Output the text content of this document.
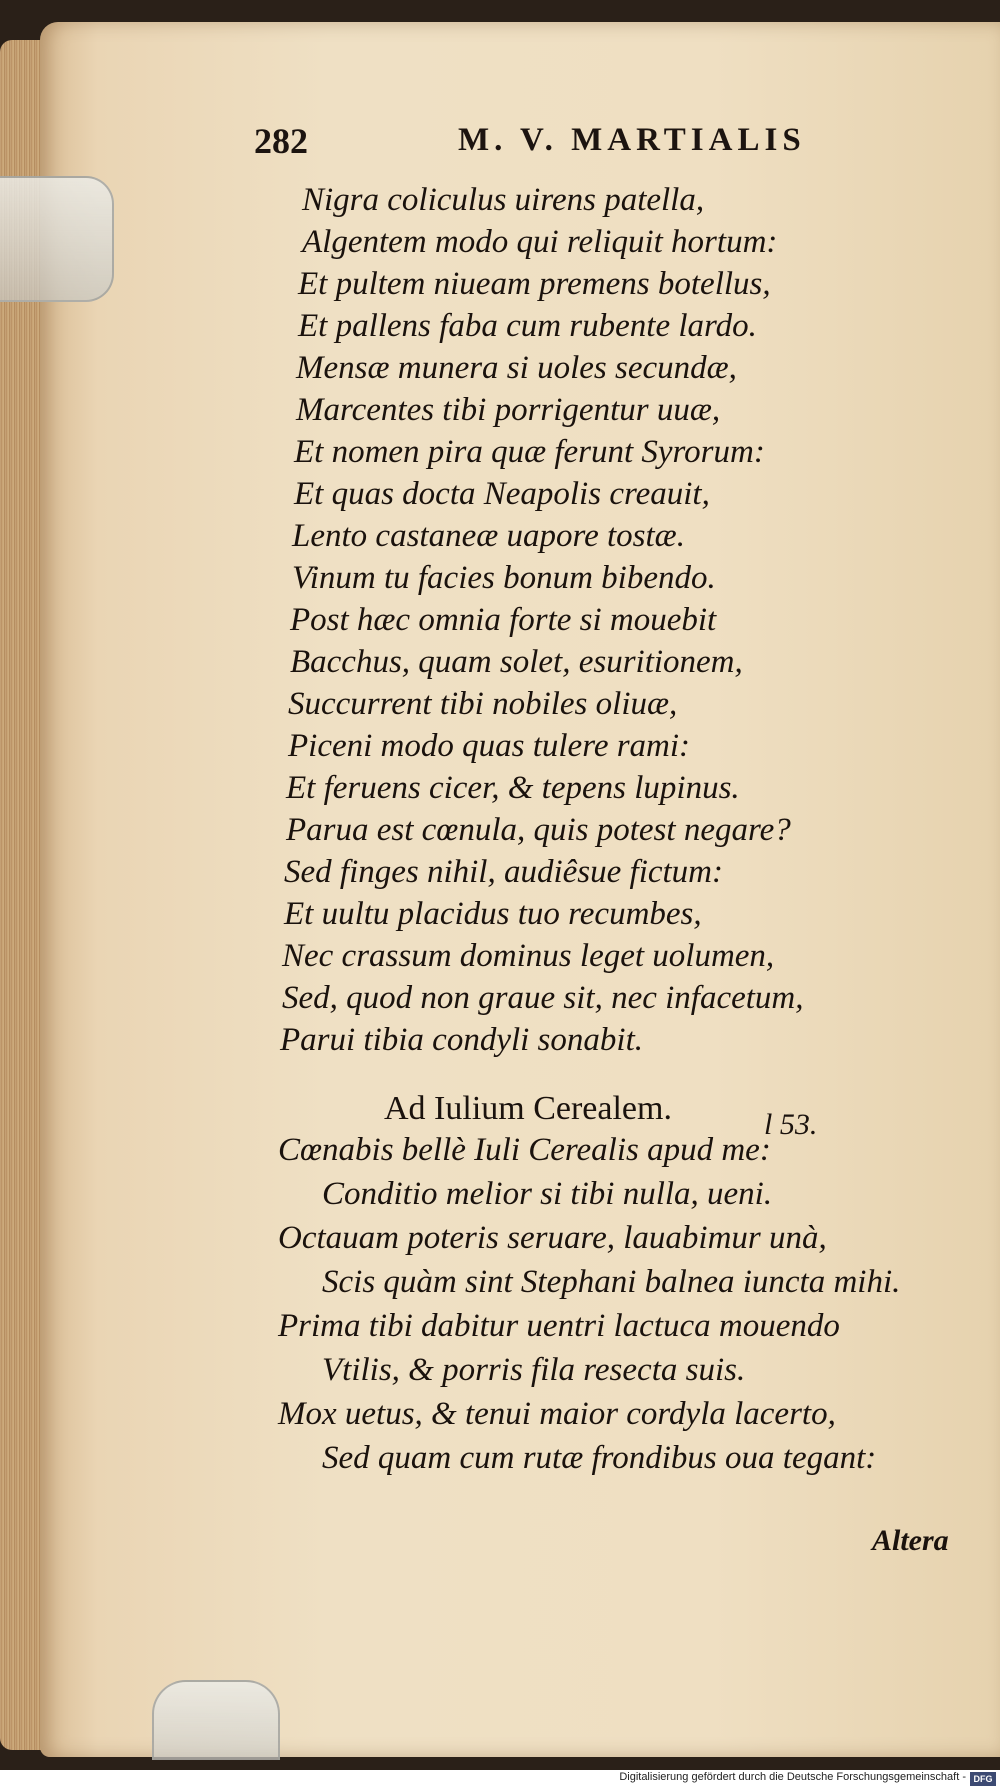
282	M. V. MARTIALIS
Nigra coliculus uirens patella,
Algentem modo qui reliquit hortum:
Et pultem niueam premens botellus,
Et pallens faba cum rubente lardo.
Mensæ munera si uoles secundæ,
Marcentes tibi porrigentur uuæ,
Et nomen pira quæ ferunt Syrorum:
Et quas docta Neapolis creauit,
Lento castaneæ uapore tostæ.
Vinum tu facies bonum bibendo.
Post hæc omnia forte si mouebit
Bacchus, quam solet, esuritionem,
Succurrent tibi nobiles oliuæ,
Piceni modo quas tulere rami:
Et feruens cicer, & tepens lupinus.
Parua est cœnula, quis potest negare?
Sed finges nihil, audiêsue fictum:
Et uultu placidus tuo recumbes,
Nec crassum dominus leget uolumen,
Sed, quod non graue sit, nec infacetum,
Parui tibia condyli sonabit.
Ad Iulium Cerealem.	l 53.
Cœnabis bellè Iuli Cerealis apud me:
Conditio melior si tibi nulla, ueni.
Octauam poteris seruare, lauabimur unà,
Scis quàm sint Stephani balnea iuncta mihi.
Prima tibi dabitur uentri lactuca mouendo
Vtilis, & porris fila resecta suis.
Mox uetus, & tenui maior cordyla lacerto,
Sed quam cum rutæ frondibus oua tegant:
Altera
Digitalisierung gefördert durch die Deutsche Forschungsgemeinschaft - DFG
